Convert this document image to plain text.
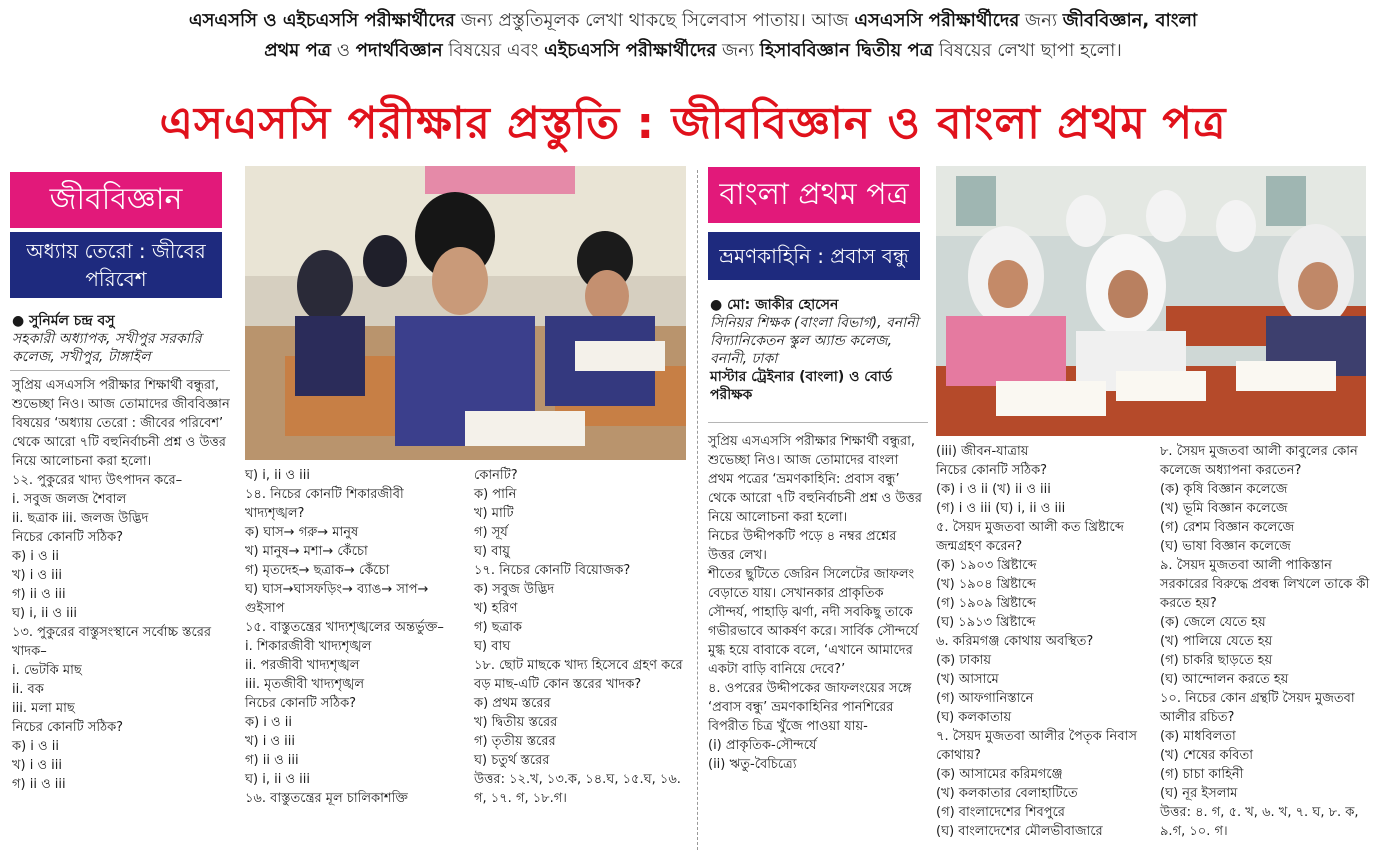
এসএসসি ও এইচএসসি পরীক্ষার্থীদের জন্য প্রস্তুতিমূলক লেখা থাকছে সিলেবাস পাতায়। আজ এসএসসি পরীক্ষার্থীদের জন্য জীববিজ্ঞান, বাংলা
প্রথম পত্র ও পদার্থবিজ্ঞান বিষয়ের এবং এইচএসসি পরীক্ষার্থীদের জন্য হিসাববিজ্ঞান দ্বিতীয় পত্র বিষয়ের লেখা ছাপা হলো।
এসএসসি পরীক্ষার প্রস্তুতি : জীববিজ্ঞান ও বাংলা প্রথম পত্র
জীববিজ্ঞান
অধ্যায় তেরো : জীবের পরিবেশ
● সুনির্মল চন্দ্র বসু
সহকারী অধ্যাপক, সখীপুর সরকারি কলেজ, সখীপুর, টাঙ্গাইল

সুপ্রিয় এসএসসি পরীক্ষার শিক্ষার্থী বন্ধুরা, শুভেচ্ছা নিও। আজ তোমাদের জীববিজ্ঞান বিষয়ের ‘অধ্যায় তেরো : জীবের পরিবেশ’ থেকে আরো ৭টি বহুনির্বাচনী প্রশ্ন ও উত্তর নিয়ে আলোচনা করা হলো।

১২. পুকুরের খাদ্য উৎপাদন করে–

i. সবুজ জলজ শৈবাল

ii. ছত্রাক iii. জলজ উদ্ভিদ

নিচের কোনটি সঠিক?

ক) i ও ii

খ) i ও iii

গ) ii ও iii

ঘ) i, ii ও iii

১৩. পুকুরের বাস্তুসংস্থানে সর্বোচ্চ স্তরের খাদক–

i. ভেটকি মাছ

ii. বক

iii. মলা মাছ

নিচের কোনটি সঠিক?

ক) i ও ii

খ) i ও iii

গ) ii ও iii

ঘ) i, ii ও iii

১৪. নিচের কোনটি শিকারজীবী খাদ্যশৃঙ্খল?

ক) ঘাস→ গরু→ মানুষ

খ) মানুষ→ মশা→ কেঁচো

গ) মৃতদেহ→ ছত্রাক→ কেঁচো

ঘ) ঘাস→ঘাসফড়িং→ ব্যাঙ→ সাপ→ গুইসাপ

১৫. বাস্তুতন্ত্রের খাদ্যশৃঙ্খলের অন্তর্ভুক্ত–

i. শিকারজীবী খাদ্যশৃঙ্খল

ii. পরজীবী খাদ্যশৃঙ্খল

iii. মৃতজীবী খাদ্যশৃঙ্খল

নিচের কোনটি সঠিক?

ক) i ও ii

খ) i ও iii

গ) ii ও iii

ঘ) i, ii ও iii

১৬. বাস্তুতন্ত্রের মূল চালিকাশক্তি

কোনটি?

ক) পানি

খ) মাটি

গ) সূর্য

ঘ) বায়ু

১৭. নিচের কোনটি বিয়োজক?

ক) সবুজ উদ্ভিদ

খ) হরিণ

গ) ছত্রাক

ঘ) বাঘ

১৮. ছোট মাছকে খাদ্য হিসেবে গ্রহণ করে বড় মাছ-এটি কোন স্তরের খাদক?

ক) প্রথম স্তরের

খ) দ্বিতীয় স্তরের

গ) তৃতীয় স্তরের

ঘ) চতুর্থ স্তরের

উত্তর: ১২.খ, ১৩.ক, ১৪.ঘ, ১৫.ঘ, ১৬. গ, ১৭. গ, ১৮.গ।

বাংলা প্রথম পত্র
ভ্রমণকাহিনি : প্রবাস বন্ধু
● মো: জাকীর হোসেন
সিনিয়র শিক্ষক (বাংলা বিভাগ), বনানী বিদ্যানিকেতন স্কুল অ্যান্ড কলেজ, বনানী, ঢাকা
মাস্টার ট্রেইনার (বাংলা) ও বোর্ড পরীক্ষক

সুপ্রিয় এসএসসি পরীক্ষার শিক্ষার্থী বন্ধুরা, শুভেচ্ছা নিও। আজ তোমাদের বাংলা প্রথম পত্রের ‘ভ্রমণকাহিনি: প্রবাস বন্ধু’ থেকে আরো ৭টি বহুনির্বাচনী প্রশ্ন ও উত্তর নিয়ে আলোচনা করা হলো।

নিচের উদ্দীপকটি পড়ে ৪ নম্বর প্রশ্নের উত্তর লেখ।

শীতের ছুটিতে জেরিন সিলেটের জাফলং বেড়াতে যায়। সেখানকার প্রাকৃতিক সৌন্দর্য, পাহাড়ি ঝর্ণা, নদী সবকিছু তাকে গভীরভাবে আকর্ষণ করে। সার্বিক সৌন্দর্যে মুগ্ধ হয়ে বাবাকে বলে, ‘এখানে আমাদের একটা বাড়ি বানিয়ে দেবে?’

৪. ওপরের উদ্দীপকের জাফলংয়ের সঙ্গে ‘প্রবাস বন্ধু’ ভ্রমণকাহিনির পানশিরের বিপরীত চিত্র খুঁজে পাওয়া যায়-

(i) প্রাকৃতিক-সৌন্দর্যে

(ii) ঋতু-বৈচিত্র্যে

(iii) জীবন-যাত্রায়

নিচের কোনটি সঠিক?

(ক) i ও ii (খ) ii ও iii

(গ) i ও iii (ঘ) i, ii ও iii

৫. সৈয়দ মুজতবা আলী কত খ্রিষ্টাব্দে জন্মগ্রহণ করেন?

(ক) ১৯০৩ খ্রিষ্টাব্দে

(খ) ১৯০৪ খ্রিষ্টাব্দে

(গ) ১৯০৯ খ্রিষ্টাব্দে

(ঘ) ১৯১৩ খ্রিষ্টাব্দে

৬. করিমগঞ্জ কোথায় অবস্থিত?

(ক) ঢাকায়

(খ) আসামে

(গ) আফগানিস্তানে

(ঘ) কলকাতায়

৭. সৈয়দ মুজতবা আলীর পৈতৃক নিবাস কোথায়?

(ক) আসামের করিমগঞ্জে

(খ) কলকাতার বেলাহাটিতে

(গ) বাংলাদেশের শিবপুরে

(ঘ) বাংলাদেশের মৌলভীবাজারে

৮. সৈয়দ মুজতবা আলী কাবুলের কোন কলেজে অধ্যাপনা করতেন?

(ক) কৃষি বিজ্ঞান কলেজে

(খ) ভূমি বিজ্ঞান কলেজে

(গ) রেশম বিজ্ঞান কলেজে

(ঘ) ভাষা বিজ্ঞান কলেজে

৯. সৈয়দ মুজতবা আলী পাকিস্তান সরকারের বিরুদ্ধে প্রবন্ধ লিখলে তাকে কী করতে হয়?

(ক) জেলে যেতে হয়

(খ) পালিয়ে যেতে হয়

(গ) চাকরি ছাড়তে হয়

(ঘ) আন্দোলন করতে হয়

১০. নিচের কোন গ্রন্থটি সৈয়দ মুজতবা আলীর রচিত?

(ক) মাধবিলতা

(খ) শেষের কবিতা

(গ) চাচা কাহিনী

(ঘ) নূর ইসলাম

উত্তর: ৪. গ, ৫. খ, ৬. খ, ৭. ঘ, ৮. ক, ৯.গ, ১০. গ।
